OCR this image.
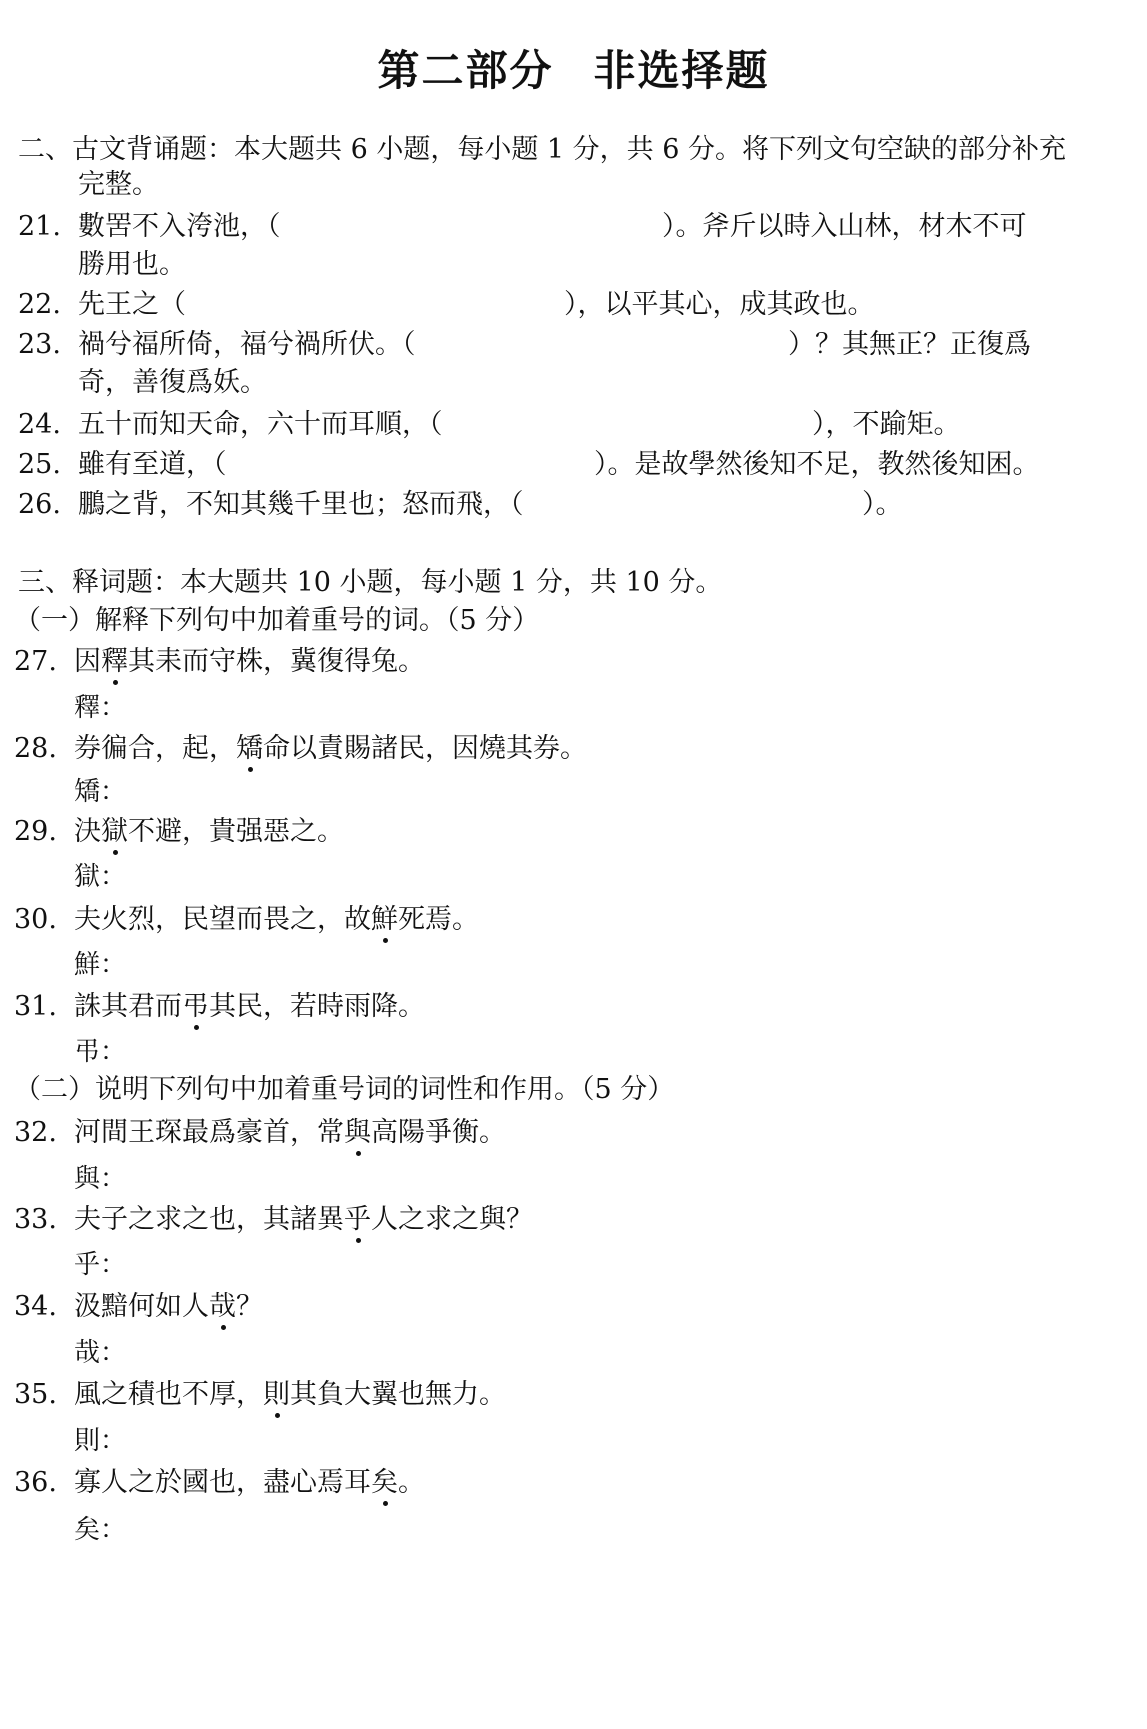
第二部分 非选择题
二、古文背诵题：本大题共 6 小题，每小题 1 分，共 6 分。将下列文句空缺的部分补充
完整。
21. 數罟不入洿池，（	）。斧斤以時入山林，材木不可
勝用也。
22. 先王之（	），以平其心，成其政也。
23. 禍兮福所倚，福兮禍所伏。（	）？其無正？正復爲
奇，善復爲妖。
24. 五十而知天命，六十而耳順，（	），不踰矩。
25. 雖有至道，（	）。是故學然後知不足，教然後知困。
26. 鵬之背，不知其幾千里也；怒而飛，（	）。
三、释词题：本大题共 10 小题，每小题 1 分，共 10 分。
（一）解释下列句中加着重号的词。（5 分）
27. 因釋其耒而守株，冀復得兔。
釋：
28. 券徧合，起，矯命以責賜諸民，因燒其券。
矯：
29. 決獄不避，貴强惡之。
獄：
30. 夫火烈，民望而畏之，故鮮死焉。
鮮：
31. 誅其君而弔其民，若時雨降。
弔：
（二）说明下列句中加着重号词的词性和作用。（5 分）
32. 河間王琛最爲豪首，常與高陽爭衡。
與：
33. 夫子之求之也，其諸異乎人之求之與？
乎：
34. 汲黯何如人哉？
哉：
35. 風之積也不厚，則其負大翼也無力。
則：
36. 寡人之於國也，盡心焉耳矣。
矣：
